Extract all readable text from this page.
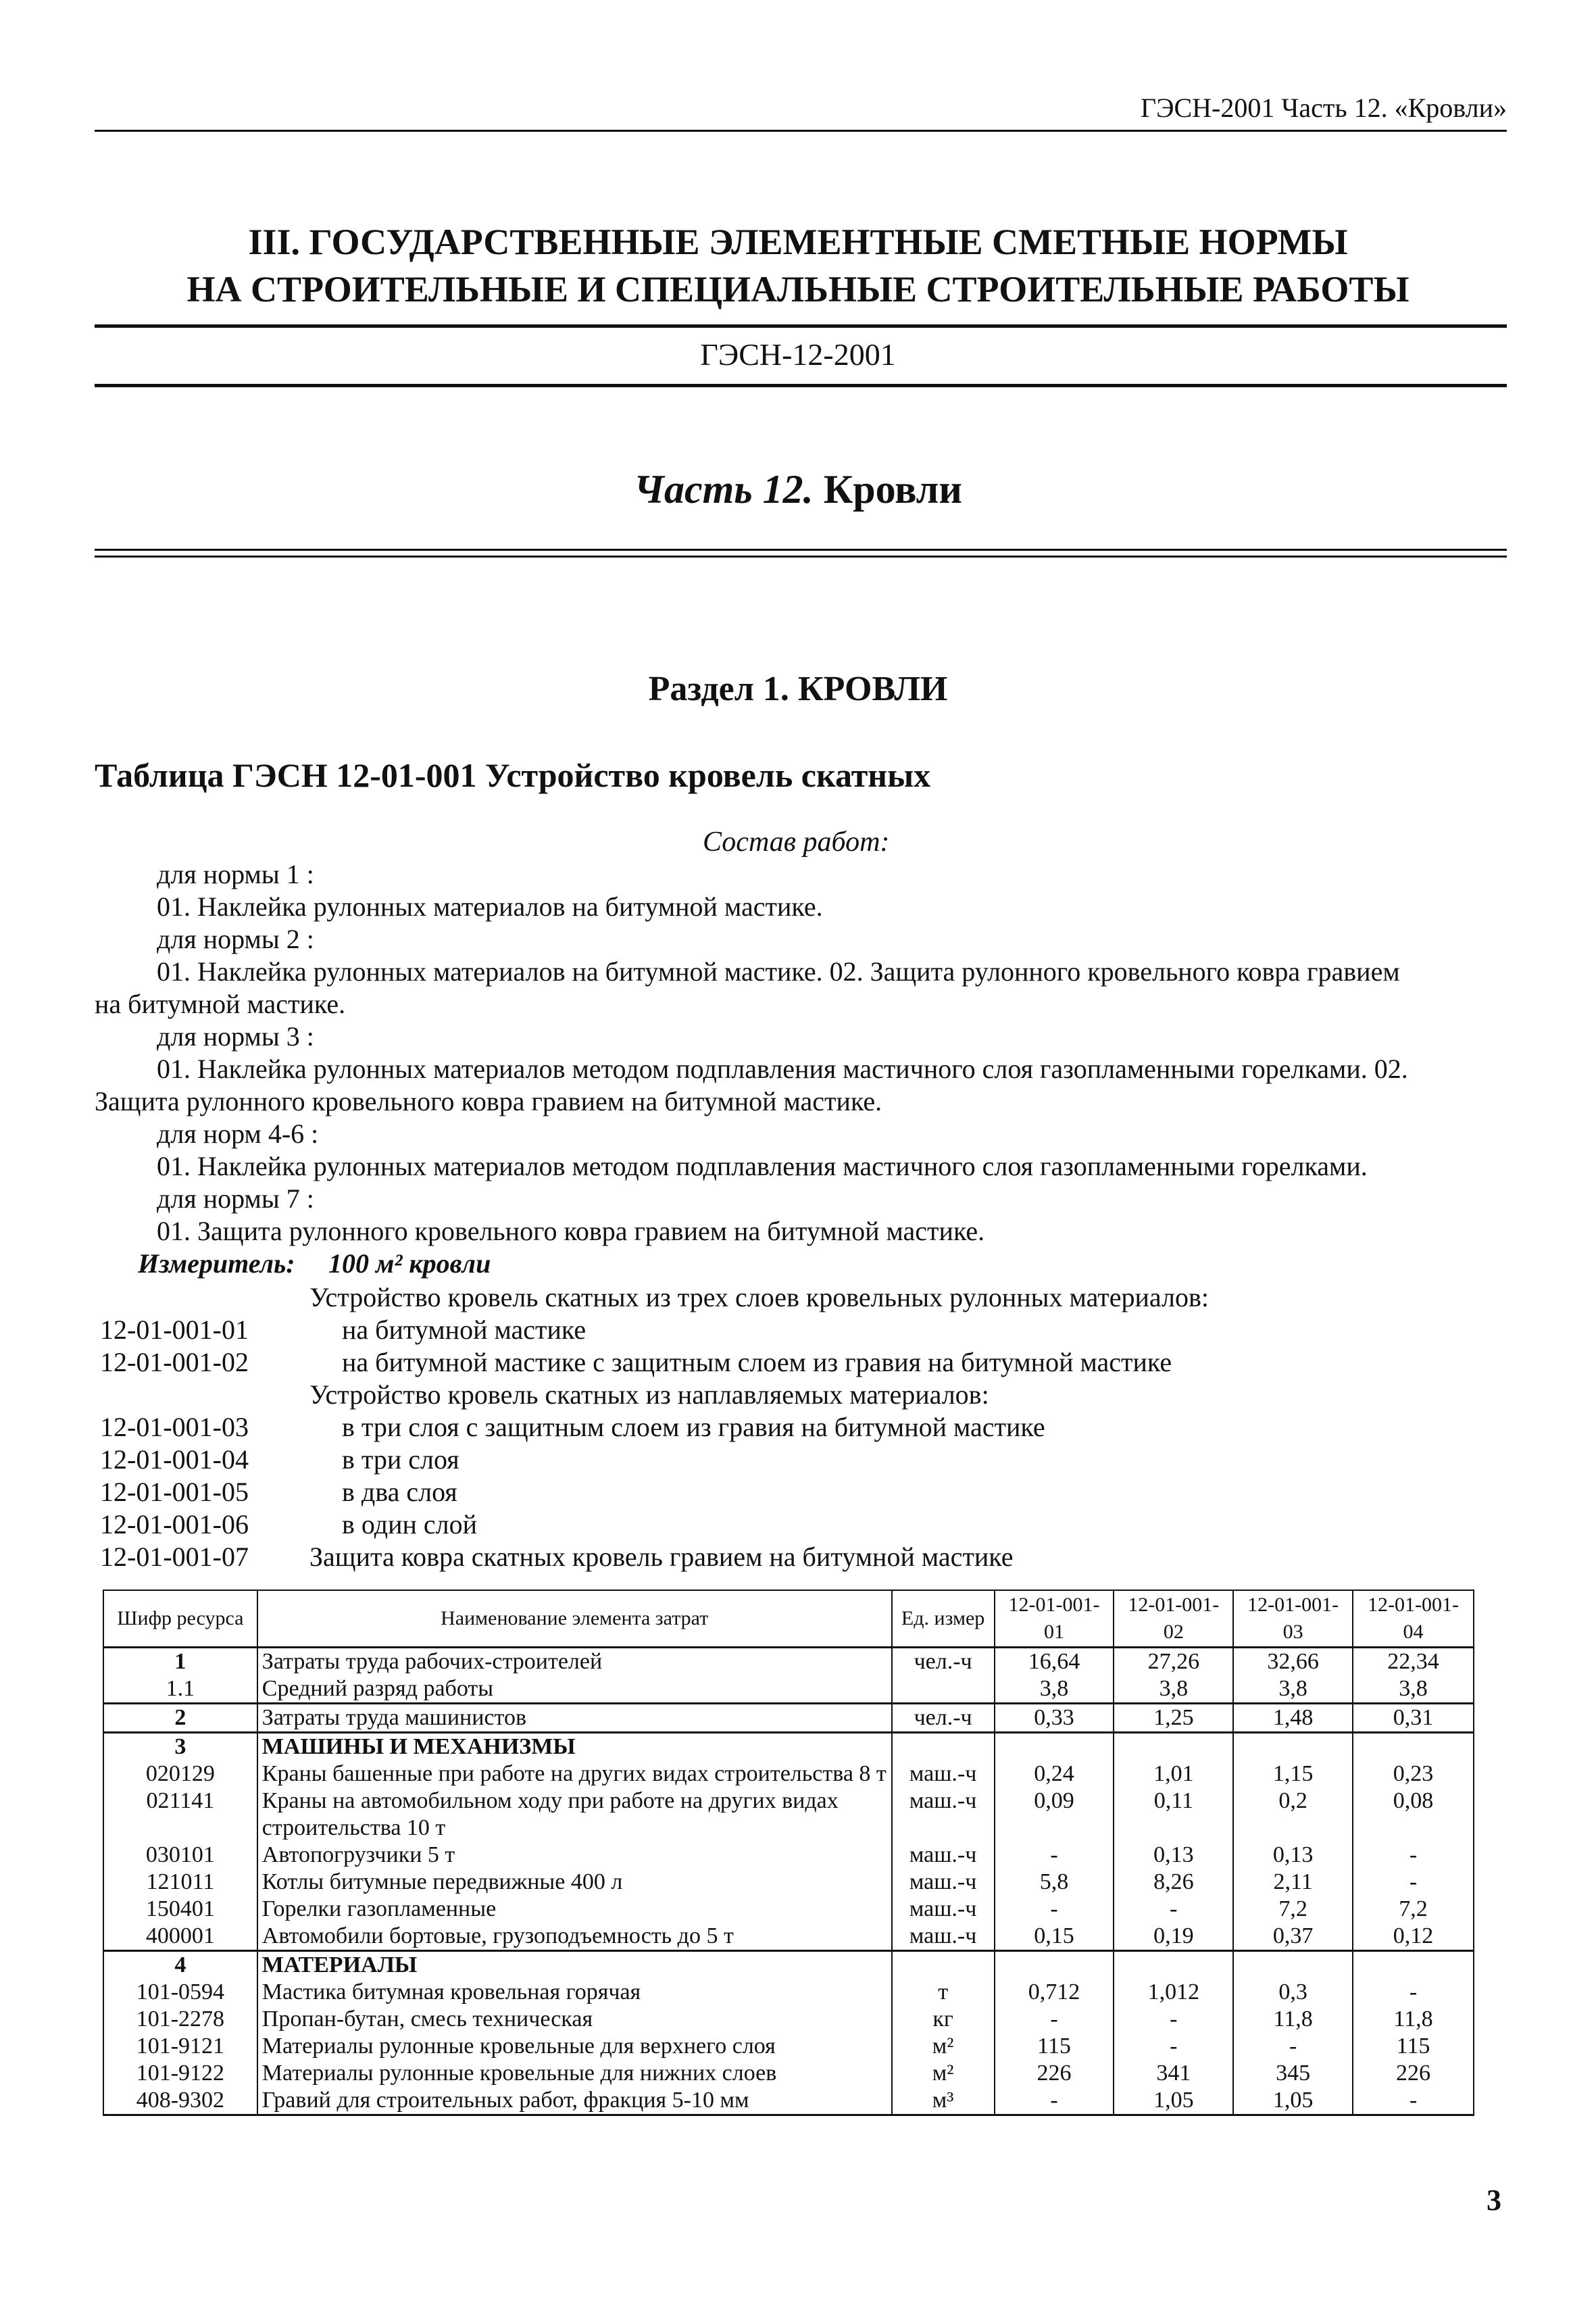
ГЭСН-2001 Часть 12. «Кровли»
III. ГОСУДАРСТВЕННЫЕ ЭЛЕМЕНТНЫЕ СМЕТНЫЕ НОРМЫ
НА СТРОИТЕЛЬНЫЕ И СПЕЦИАЛЬНЫЕ СТРОИТЕЛЬНЫЕ РАБОТЫ
ГЭСН-12-2001
Часть 12. Кровли
Раздел 1. КРОВЛИ
Таблица ГЭСН 12-01-001 Устройство кровель скатных
Состав работ:
для нормы 1 :
01. Наклейка рулонных материалов на битумной мастике.
для нормы 2 :
01. Наклейка рулонных материалов на битумной мастике. 02. Защита рулонного кровельного ковра гравием
на битумной мастике.
для нормы 3 :
01. Наклейка рулонных материалов методом подплавления мастичного слоя газопламенными горелками. 02.
Защита рулонного кровельного ковра гравием на битумной мастике.
для норм 4-6 :
01. Наклейка рулонных материалов методом подплавления мастичного слоя газопламенными горелками.
для нормы 7 :
01. Защита рулонного кровельного ковра гравием на битумной мастике.
Измеритель: 100 м² кровли
Устройство кровель скатных из трех слоев кровельных рулонных материалов:
12-01-001-01	на битумной мастике
12-01-001-02	на битумной мастике с защитным слоем из гравия на битумной мастике
Устройство кровель скатных из наплавляемых материалов:
12-01-001-03	в три слоя с защитным слоем из гравия на битумной мастике
12-01-001-04	в три слоя
12-01-001-05	в два слоя
12-01-001-06	в один слой
12-01-001-07 Защита ковра скатных кровель гравием на битумной мастике
Шифр ресурса	Наименование элемента затрат	Ед. измер	12-01-001-01	12-01-001-02	12-01-001-03	12-01-001-04
1	Затраты труда рабочих-строителей	чел.-ч	16,64	27,26	32,66	22,34
1.1	Средний разряд работы		3,8	3,8	3,8	3,8
2	Затраты труда машинистов	чел.-ч	0,33	1,25	1,48	0,31
3	МАШИНЫ И МЕХАНИЗМЫ					
020129	Краны башенные при работе на других видах строительства 8 т	маш.-ч	0,24	1,01	1,15	0,23
021141	Краны на автомобильном ходу при работе на других видах строительства 10 т	маш.-ч	0,09	0,11	0,2	0,08
030101	Автопогрузчики 5 т	маш.-ч	-	0,13	0,13	-
121011	Котлы битумные передвижные 400 л	маш.-ч	5,8	8,26	2,11	-
150401	Горелки газопламенные	маш.-ч	-	-	7,2	7,2
400001	Автомобили бортовые, грузоподъемность до 5 т	маш.-ч	0,15	0,19	0,37	0,12
4	МАТЕРИАЛЫ					
101-0594	Мастика битумная кровельная горячая	т	0,712	1,012	0,3	-
101-2278	Пропан-бутан, смесь техническая	кг	-	-	11,8	11,8
101-9121	Материалы рулонные кровельные для верхнего слоя	м²	115	-	-	115
101-9122	Материалы рулонные кровельные для нижних слоев	м²	226	341	345	226
408-9302	Гравий для строительных работ, фракция 5-10 мм	м³	-	1,05	1,05	-
3
